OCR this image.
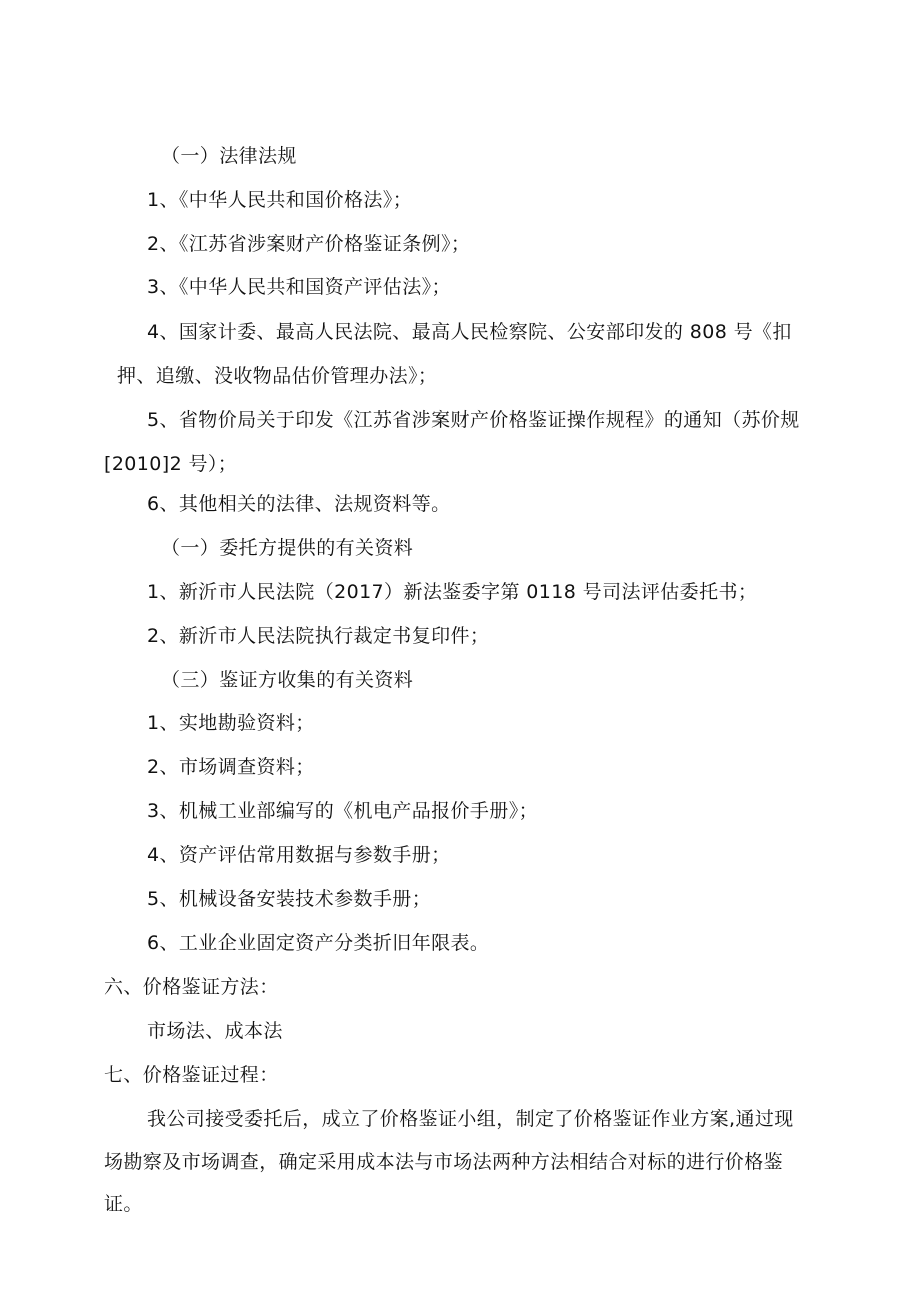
（一）法律法规
1、《中华人民共和国价格法》；
2、《江苏省涉案财产价格鉴证条例》；
3、《中华人民共和国资产评估法》；
4、国家计委、最高人民法院、最高人民检察院、公安部印发的 808 号《扣
押、追缴、没收物品估价管理办法》；
5、省物价局关于印发《江苏省涉案财产价格鉴证操作规程》的通知（苏价规
[2010]2 号）；
6、其他相关的法律、法规资料等。
（一）委托方提供的有关资料
1、新沂市人民法院（2017）新法鉴委字第 0118 号司法评估委托书；
2、新沂市人民法院执行裁定书复印件；
（三）鉴证方收集的有关资料
1、实地勘验资料；
2、市场调查资料；
3、机械工业部编写的《机电产品报价手册》；
4、资产评估常用数据与参数手册；
5、机械设备安装技术参数手册；
6、工业企业固定资产分类折旧年限表。
六、价格鉴证方法：
市场法、成本法
七、价格鉴证过程：
我公司接受委托后，成立了价格鉴证小组，制定了价格鉴证作业方案,通过现
场勘察及市场调查，确定采用成本法与市场法两种方法相结合对标的进行价格鉴
证。
